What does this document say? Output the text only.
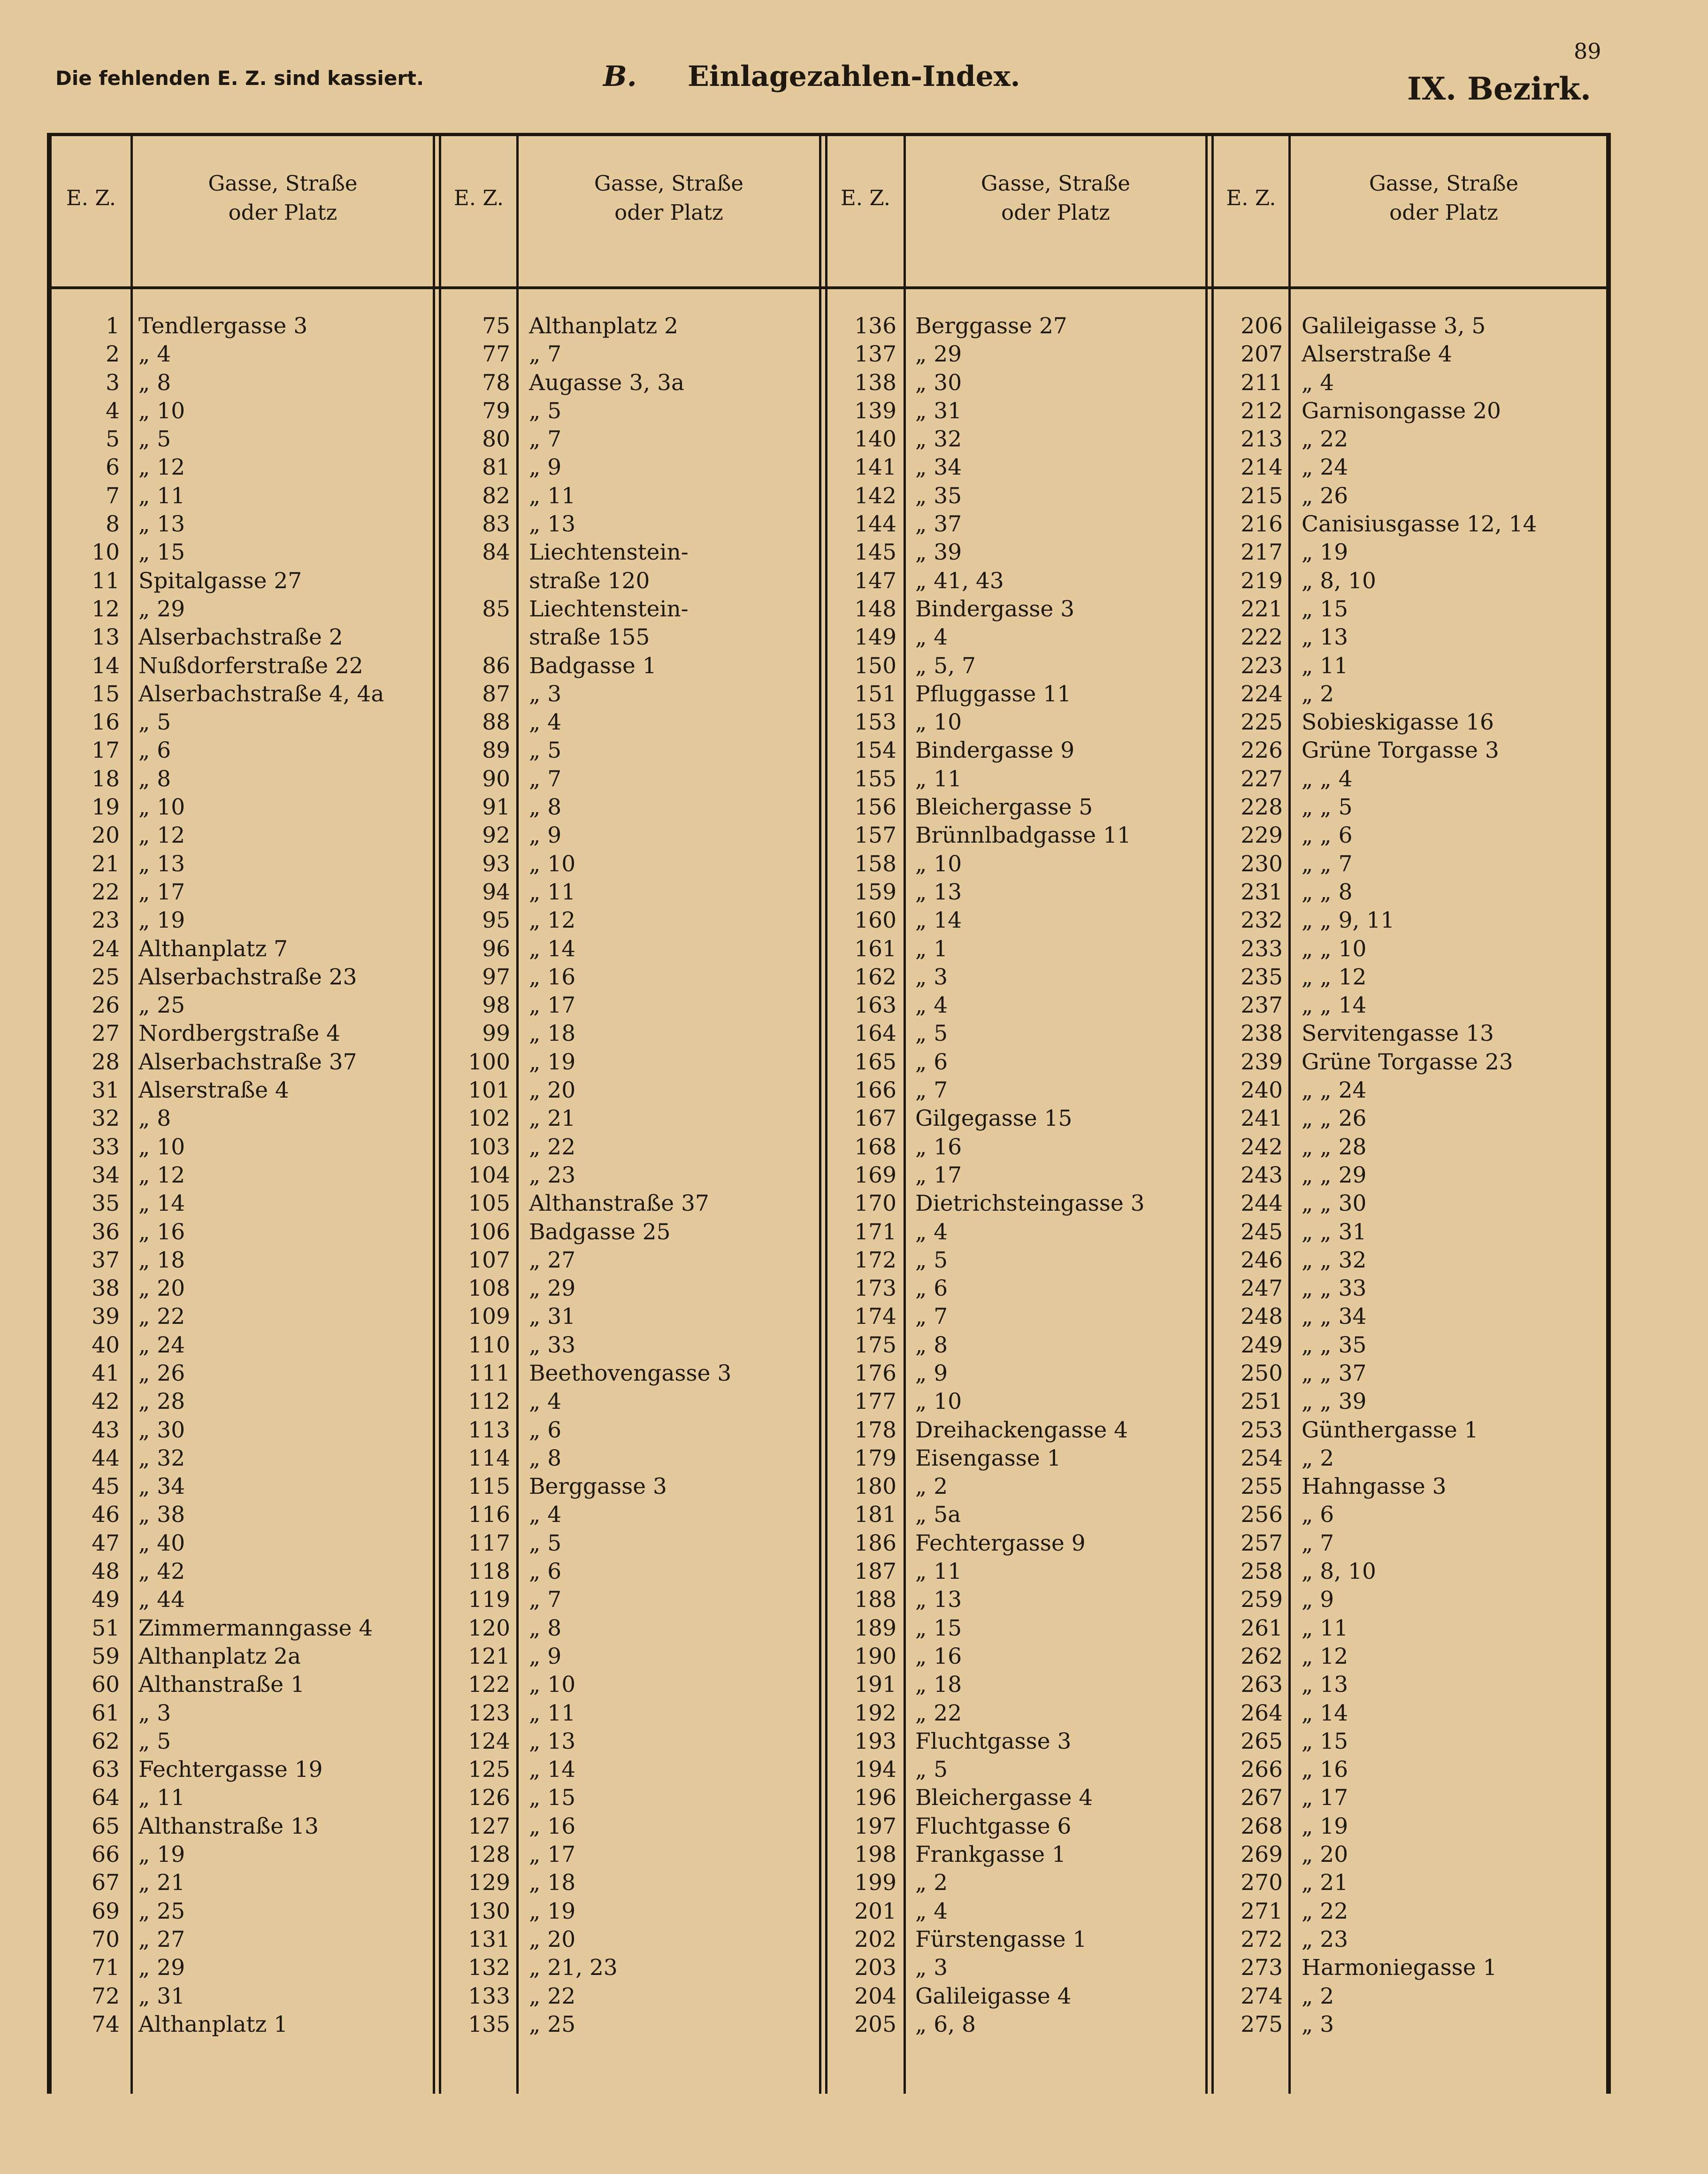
Die fehlenden E. Z. sind kassiert.	B. Einlagezahlen-Index.
89
IX. Bezirk.
E. Z.
Gasse, Straße
oder Platz
E. Z.
Gasse, Straße
oder Platz
E. Z.
Gasse, Straße
oder Platz
E. Z.
Gasse, Straße
oder Platz
1 Tendlergasse 3
2 „ 4
3 „ 8
4 „ 10
5 „ 5
6 „ 12
7 „ 11
8 „ 13
10 „ 15
11 Spitalgasse 27
12 „ 29
13 Alserbachstraße 2
14 Nußdorferstraße 22
15 Alserbachstraße 4, 4a
16 „ 5
17 „ 6
18 „ 8
19 „ 10
20 „ 12
21 „ 13
22 „ 17
23 „ 19
24 Althanplatz 7
25 Alserbachstraße 23
26 „ 25
27 Nordbergstraße 4
28 Alserbachstraße 37
31 Alserstraße 4
32 „ 8
33 „ 10
34 „ 12
35 „ 14
36 „ 16
37 „ 18
38 „ 20
39 „ 22
40 „ 24
41 „ 26
42 „ 28
43 „ 30
44 „ 32
45 „ 34
46 „ 38
47 „ 40
48 „ 42
49 „ 44
51 Zimmermanngasse 4
59 Althanplatz 2a
60 Althanstraße 1
61 „ 3
62 „ 5
63 Fechtergasse 19
64 „ 11
65 Althanstraße 13
66 „ 19
67 „ 21
69 „ 25
70 „ 27
71 „ 29
72 „ 31
74 Althanplatz 1
75 Althanplatz 2
77 „ 7
78 Augasse 3, 3a
79 „ 5
80 „ 7
81 „ 9
82 „ 11
83 „ 13
84 Liechtenstein-
straße 120
85 Liechtenstein-
straße 155
86 Badgasse 1
87 „ 3
88 „ 4
89 „ 5
90 „ 7
91 „ 8
92 „ 9
93 „ 10
94 „ 11
95 „ 12
96 „ 14
97 „ 16
98 „ 17
99 „ 18
100 „ 19
101 „ 20
102 „ 21
103 „ 22
104 „ 23
105 Althanstraße 37
106 Badgasse 25
107 „ 27
108 „ 29
109 „ 31
110 „ 33
111 Beethovengasse 3
112 „ 4
113 „ 6
114 „ 8
115 Berggasse 3
116 „ 4
117 „ 5
118 „ 6
119 „ 7
120 „ 8
121 „ 9
122 „ 10
123 „ 11
124 „ 13
125 „ 14
126 „ 15
127 „ 16
128 „ 17
129 „ 18
130 „ 19
131 „ 20
132 „ 21, 23
133 „ 22
135 „ 25
136 Berggasse 27
137 „ 29
138 „ 30
139 „ 31
140 „ 32
141 „ 34
142 „ 35
144 „ 37
145 „ 39
147 „ 41, 43
148 Bindergasse 3
149 „ 4
150 „ 5, 7
151 Pfluggasse 11
153 „ 10
154 Bindergasse 9
155 „ 11
156 Bleichergasse 5
157 Brünnlbadgasse 11
158 „ 10
159 „ 13
160 „ 14
161 „ 1
162 „ 3
163 „ 4
164 „ 5
165 „ 6
166 „ 7
167 Gilgegasse 15
168 „ 16
169 „ 17
170 Dietrichsteingasse 3
171 „ 4
172 „ 5
173 „ 6
174 „ 7
175 „ 8
176 „ 9
177 „ 10
178 Dreihackengasse 4
179 Eisengasse 1
180 „ 2
181 „ 5a
186 Fechtergasse 9
187 „ 11
188 „ 13
189 „ 15
190 „ 16
191 „ 18
192 „ 22
193 Fluchtgasse 3
194 „ 5
196 Bleichergasse 4
197 Fluchtgasse 6
198 Frankgasse 1
199 „ 2
201 „ 4
202 Fürstengasse 1
203 „ 3
204 Galileigasse 4
205 „ 6, 8
206 Galileigasse 3, 5
207 Alserstraße 4
211 „ 4
212 Garnisongasse 20
213 „ 22
214 „ 24
215 „ 26
216 Canisiusgasse 12, 14
217 „ 19
219 „ 8, 10
221 „ 15
222 „ 13
223 „ 11
224 „ 2
225 Sobieskigasse 16
226 Grüne Torgasse 3
227 „ „ 4
228 „ „ 5
229 „ „ 6
230 „ „ 7
231 „ „ 8
232 „ „ 9, 11
233 „ „ 10
235 „ „ 12
237 „ „ 14
238 Servitengasse 13
239 Grüne Torgasse 23
240 „ „ 24
241 „ „ 26
242 „ „ 28
243 „ „ 29
244 „ „ 30
245 „ „ 31
246 „ „ 32
247 „ „ 33
248 „ „ 34
249 „ „ 35
250 „ „ 37
251 „ „ 39
253 Günthergasse 1
254 „ 2
255 Hahngasse 3
256 „ 6
257 „ 7
258 „ 8, 10
259 „ 9
261 „ 11
262 „ 12
263 „ 13
264 „ 14
265 „ 15
266 „ 16
267 „ 17
268 „ 19
269 „ 20
270 „ 21
271 „ 22
272 „ 23
273 Harmoniegasse 1
274 „ 2
275 „ 3
